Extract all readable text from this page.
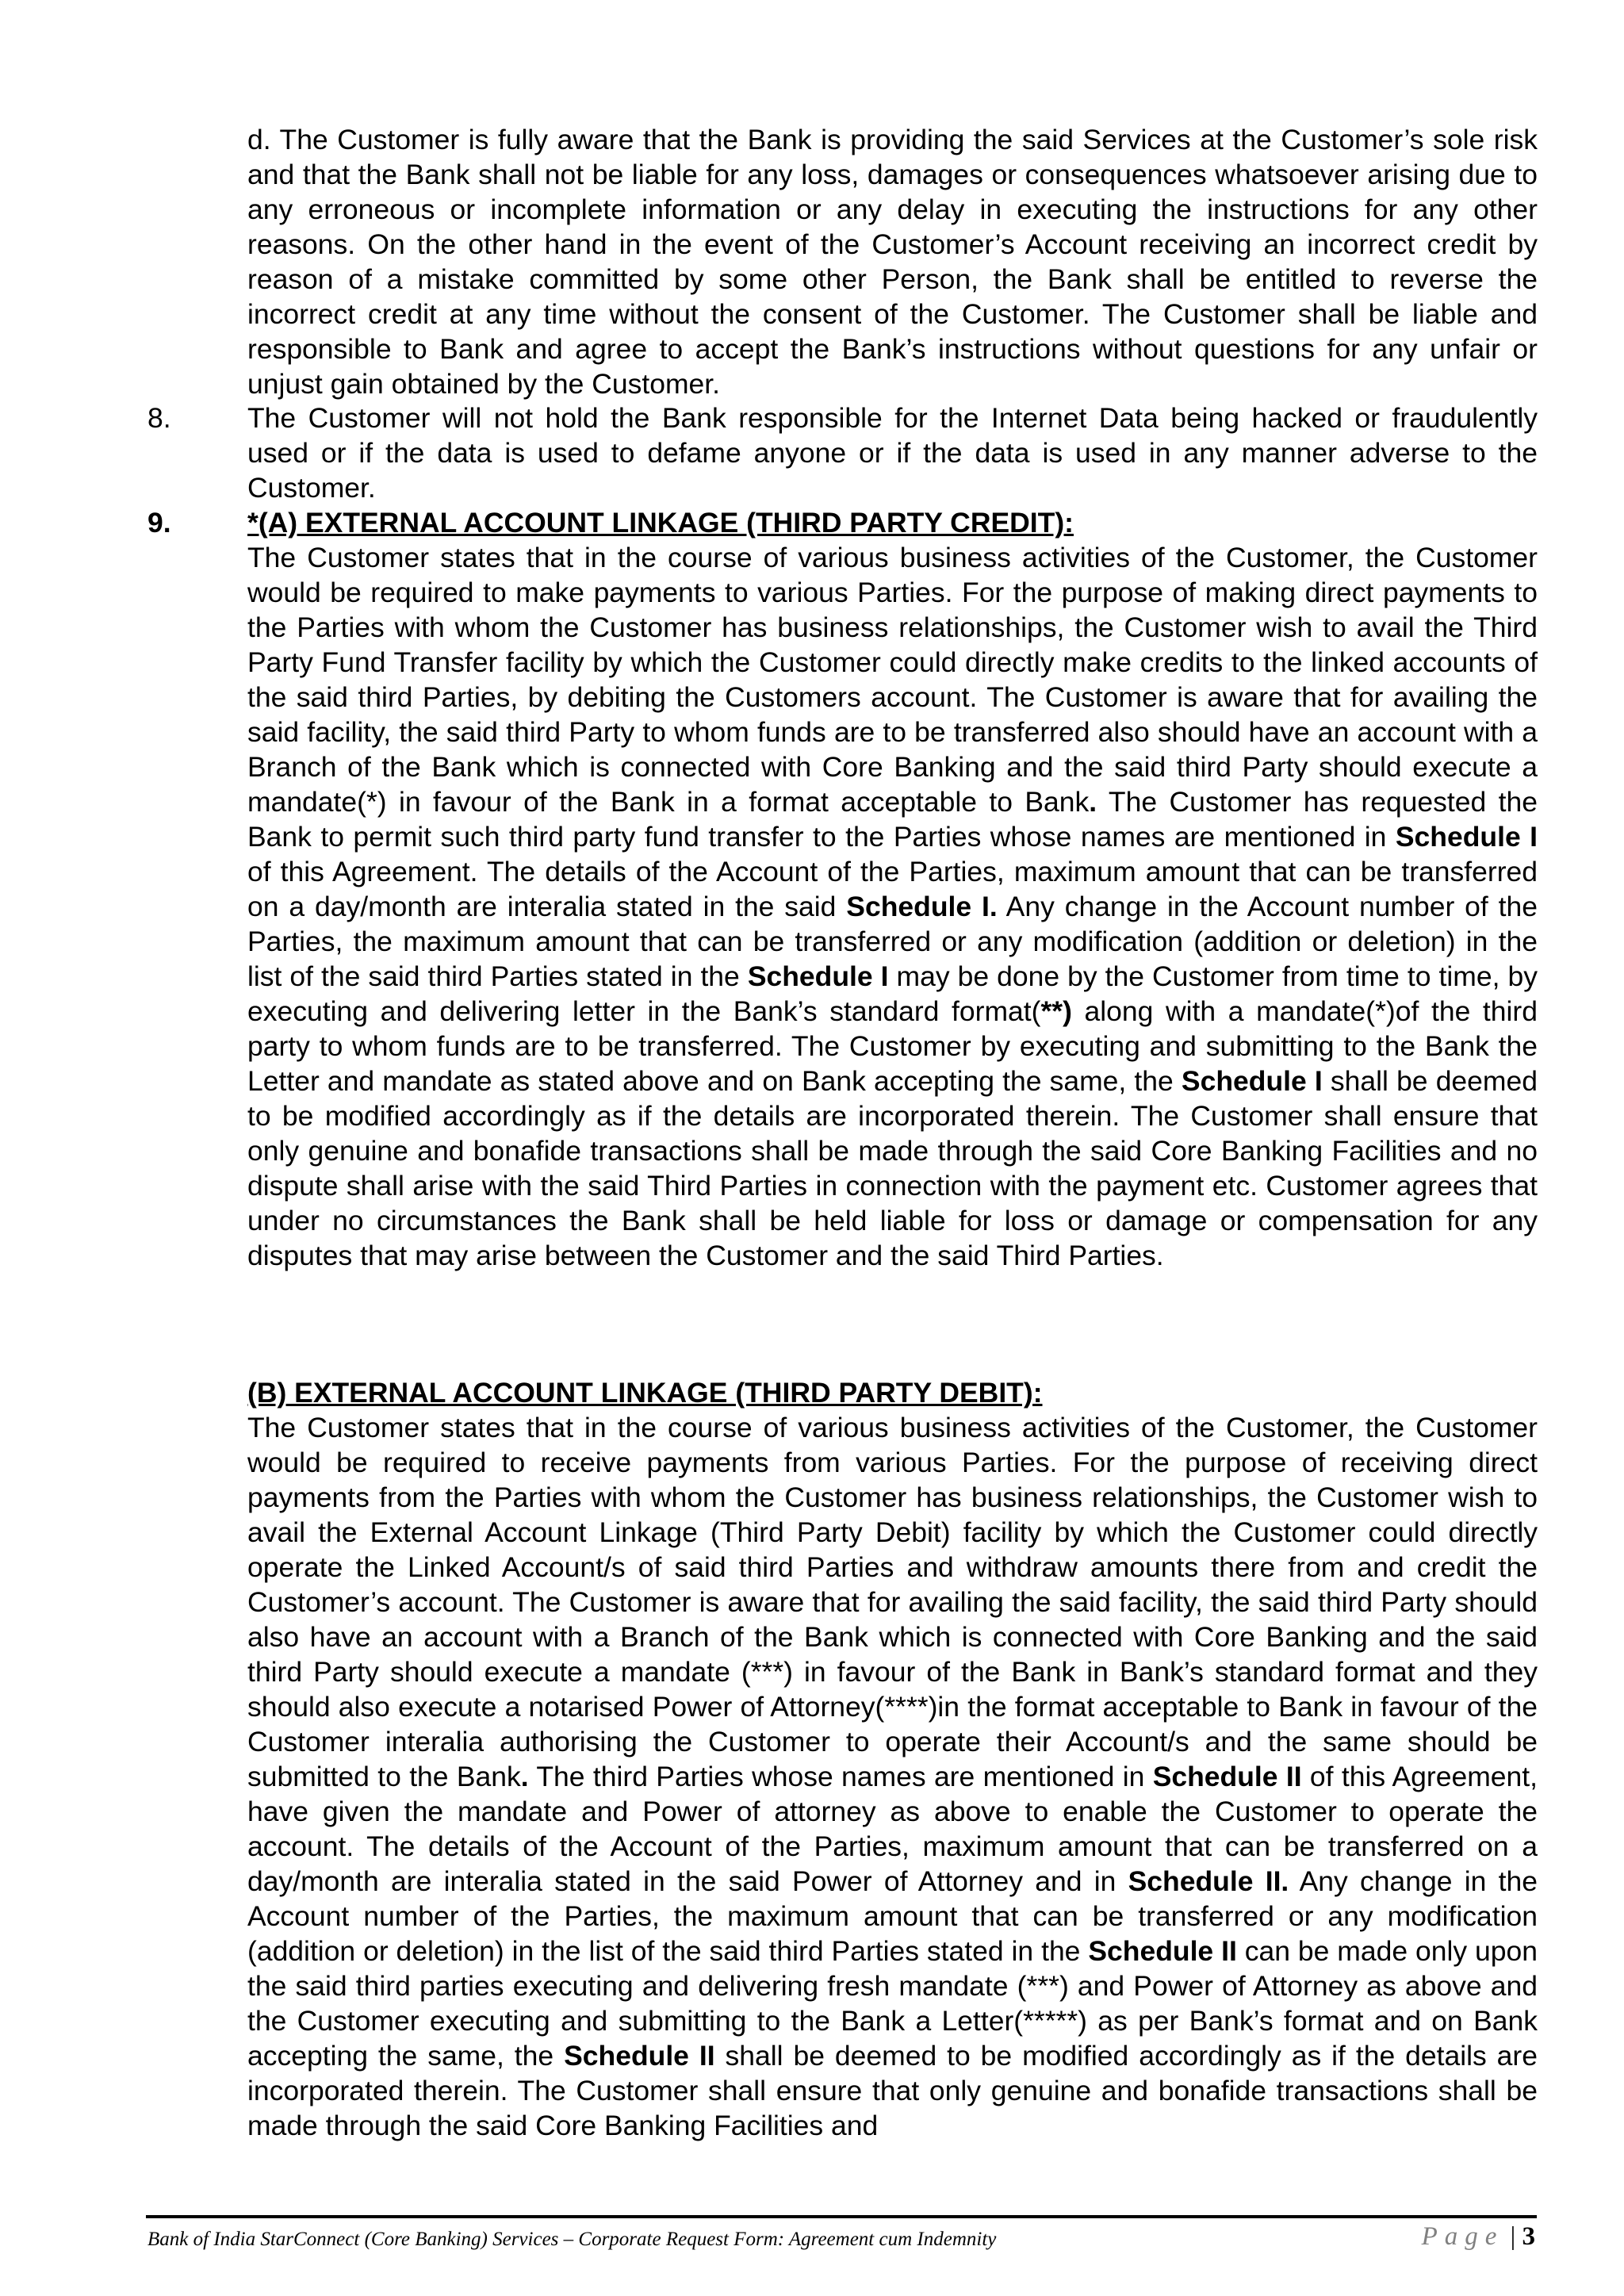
d. The Customer is fully aware that the Bank is providing the said Services at the Customer’s sole risk and that the Bank shall not be liable for any loss, damages or consequences whatsoever arising due to any erroneous or incomplete information or any delay in executing the instructions for any other reasons. On the other hand in the event of the Customer’s Account receiving an incorrect credit by reason of a mistake committed by some other Person, the Bank shall be entitled to reverse the incorrect credit at any time without the consent of the Customer. The Customer shall be liable and responsible to Bank and agree to accept the Bank’s instructions without questions for any unfair or unjust gain obtained by the Customer.
8.	The Customer will not hold the Bank responsible for the Internet Data being hacked or fraudulently used or if the data is used to defame anyone or if the data is used in any manner adverse to the Customer.
9.	*(A) EXTERNAL ACCOUNT LINKAGE (THIRD PARTY CREDIT):
The Customer states that in the course of various business activities of the Customer, the Customer would be required to make payments to various Parties. For the purpose of making direct payments to the Parties with whom the Customer has business relationships, the Customer wish to avail the Third Party Fund Transfer facility by which the Customer could directly make credits to the linked accounts of the said third Parties, by debiting the Customers account. The Customer is aware that for availing the said facility, the said third Party to whom funds are to be transferred also should have an account with a Branch of the Bank which is connected with Core Banking and the said third Party should execute a mandate(*) in favour of the Bank in a format acceptable to Bank. The Customer has requested the Bank to permit such third party fund transfer to the Parties whose names are mentioned in Schedule I of this Agreement. The details of the Account of the Parties, maximum amount that can be transferred on a day/month are interalia stated in the said Schedule I. Any change in the Account number of the Parties, the maximum amount that can be transferred or any modification (addition or deletion) in the list of the said third Parties stated in the Schedule I may be done by the Customer from time to time, by executing and delivering letter in the Bank’s standard format(**) along with a mandate(*)of the third party to whom funds are to be transferred. The Customer by executing and submitting to the Bank the Letter and mandate as stated above and on Bank accepting the same, the Schedule I shall be deemed to be modified accordingly as if the details are incorporated therein. The Customer shall ensure that only genuine and bonafide transactions shall be made through the said Core Banking Facilities and no dispute shall arise with the said Third Parties in connection with the payment etc. Customer agrees that under no circumstances the Bank shall be held liable for loss or damage or compensation for any disputes that may arise between the Customer and the said Third Parties.
(B) EXTERNAL ACCOUNT LINKAGE (THIRD PARTY DEBIT):
The Customer states that in the course of various business activities of the Customer, the Customer would be required to receive payments from various Parties. For the purpose of receiving direct payments from the Parties with whom the Customer has business relationships, the Customer wish to avail the External Account Linkage (Third Party Debit) facility by which the Customer could directly operate the Linked Account/s of said third Parties and withdraw amounts there from and credit the Customer’s account. The Customer is aware that for availing the said facility, the said third Party should also have an account with a Branch of the Bank which is connected with Core Banking and the said third Party should execute a mandate (***) in favour of the Bank in Bank’s standard format and they should also execute a notarised Power of Attorney(****)in the format acceptable to Bank in favour of the Customer interalia authorising the Customer to operate their Account/s and the same should be submitted to the Bank. The third Parties whose names are mentioned in Schedule II of this Agreement, have given the mandate and Power of attorney as above to enable the Customer to operate the account. The details of the Account of the Parties, maximum amount that can be transferred on a day/month are interalia stated in the said Power of Attorney and in Schedule II. Any change in the Account number of the Parties, the maximum amount that can be transferred or any modification (addition or deletion) in the list of the said third Parties stated in the Schedule II can be made only upon the said third parties executing and delivering fresh mandate (***) and Power of Attorney as above and the Customer executing and submitting to the Bank a Letter(*****) as per Bank’s format and on Bank accepting the same, the Schedule II shall be deemed to be modified accordingly as if the details are incorporated therein. The Customer shall ensure that only genuine and bonafide transactions shall be made through the said Core Banking Facilities and
Bank of India StarConnect (Core Banking) Services – Corporate Request Form: Agreement cum Indemnity	Page | 3
